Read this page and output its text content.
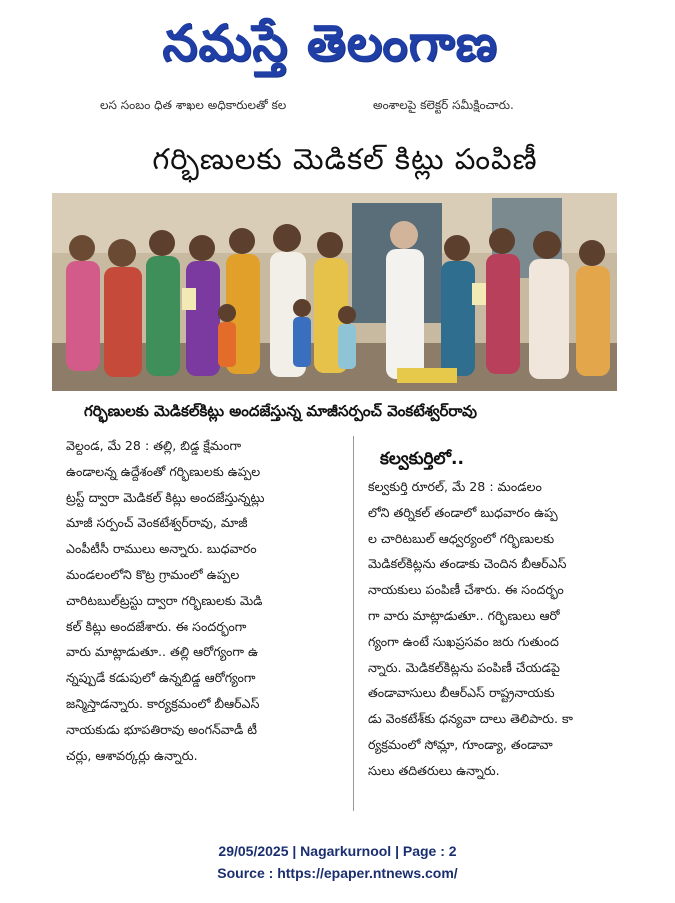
నమస్తే తెలంగాణ
లస సంబం ధిత శాఖల అధికారులతో కల	అంశాలపై కలెక్టర్ సమీక్షించారు.
గర్భిణులకు మెడికల్ కిట్లు పంపిణీ
గర్భిణులకు మెడికల్‌కిట్లు అందజేస్తున్న మాజీసర్పంచ్ వెంకటేశ్వర్‌రావు

వెల్దండ, మే 28 : తల్లి, బిడ్డ క్షేమంగా

ఉండాలన్న ఉద్దేశంతో గర్భిణులకు ఉప్పల

ట్రస్ట్ ద్వారా మెడికల్ కిట్లు అందజేస్తున్నట్లు

మాజీ సర్పంచ్ వెంకటేశ్వర్‌రావు, మాజీ

ఎంపీటీసీ రాములు అన్నారు. బుధవారం

మండలంలోని కొట్ర గ్రామంలో ఉప్పల

చారిటబుల్‌ట్రస్టు ద్వారా గర్భిణులకు మెడి

కల్ కిట్లు అందజేశారు. ఈ సందర్భంగా

వారు మాట్లాడుతూ.. తల్లి ఆరోగ్యంగా ఉ

న్నప్పుడే కడుపులో ఉన్నబిడ్డ ఆరోగ్యంగా

జన్మిస్తాడన్నారు. కార్యక్రమంలో బీఆర్‌ఎస్

నాయకుడు భూపతిరావు అంగన్‌వాడీ టీ

చర్లు, ఆశావర్కర్లు ఉన్నారు.

కల్వకుర్తిలో..

కల్వకుర్తి రూరల్, మే 28 : మండలం

లోని తర్నికల్ తండాలో బుధవారం ఉప్ప

ల చారిటబుల్ ఆధ్వర్యంలో గర్భిణులకు

మెడికల్‌కిట్లను తండాకు చెందిన బీఆర్‌ఎస్

నాయకులు పంపిణీ చేశారు. ఈ సందర్భం

గా వారు మాట్లాడుతూ.. గర్భిణులు ఆరో

గ్యంగా ఉంటే సుఖప్రసవం జరు గుతుంద

న్నారు. మెడికల్‌కిట్లను పంపిణీ చేయడపై

తండావాసులు బీఆర్‌ఎస్ రాష్ట్రనాయకు

డు వెంకటేశ్‌కు ధన్యవా దాలు తెలిపారు. కా

ర్యక్రమంలో సోమ్లా, గూండ్యా, తండావా

సులు తదితరులు ఉన్నారు.

29/05/2025 | Nagarkurnool | Page : 2
Source : https://epaper.ntnews.com/
